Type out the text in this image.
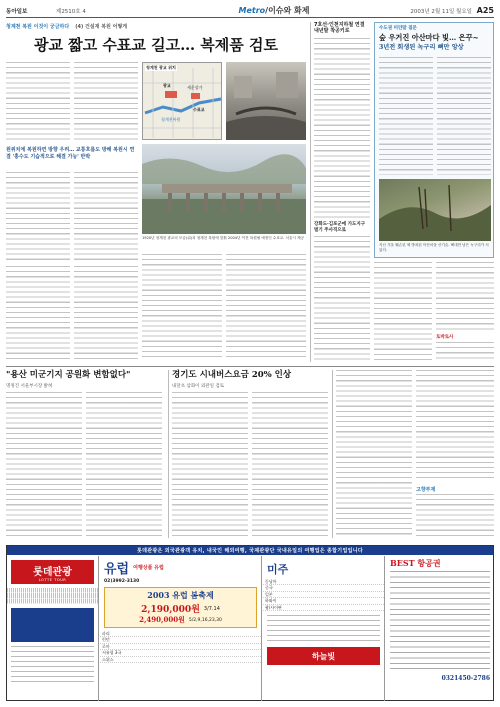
동아일보	제2510호 4	Metro/이슈와 화제	2003년 2월 11일 월요일 A25
청계천 복원 이것이 궁금하다 (4) 건설재 복원 어떻게
광교 짧고 수표교 길고… 복제품 검토
광교	세운상가
청계천복원
수표교
청계천 광교 위치
원위치에 복원하면 방향 우려… 교통흐름도 방해 복원시 연결 '홍수도 기습적으로 해결 가능' 반박
1920년 청계천 광교의 모습(위)과 청계천 복원에 맞춰 2004년 이전 복원될 예정인 수표교. 서울시 제공
7호선·인천지하철 연결 내년말 착공키로	수도권 미얀말 질문
숲 우거진 아산마다 빛… 은꾸~
3년전 회생된 녹구리 뼈만 앙상
지난 겨울 훼손된 채 방치된 아산마을 산기슭. 뼈대만 남은 녹구리가 서 있다.
강화도·김포군에 가도지구 벌기 주사직으로
토박토사
"용산 미군기지 공원화 변함없다"
명정진 서울부시장 밝혀
경기도 시내버스요금 20% 인상
내달초 삼화이 외관일 검토
고향부재
롯데관광은 외국관광객 유치, 내국인 해외여행, 국제관광단 국내유일의 여행업은 종합기업입니다
롯데관광
LOTTE TOUR
유럽 여행상품 유럽
02)3992-3130
2003 유럽 봄축제
2,190,000원 3/7.14
2,490,000원 5/2,9,16,23,30
파리
런던
로마
서유럽 3국
스위스
미주
동남아
중국
일본
하와이
괌/사이판
하늘빛
BEST 항공권
0321450-2786
